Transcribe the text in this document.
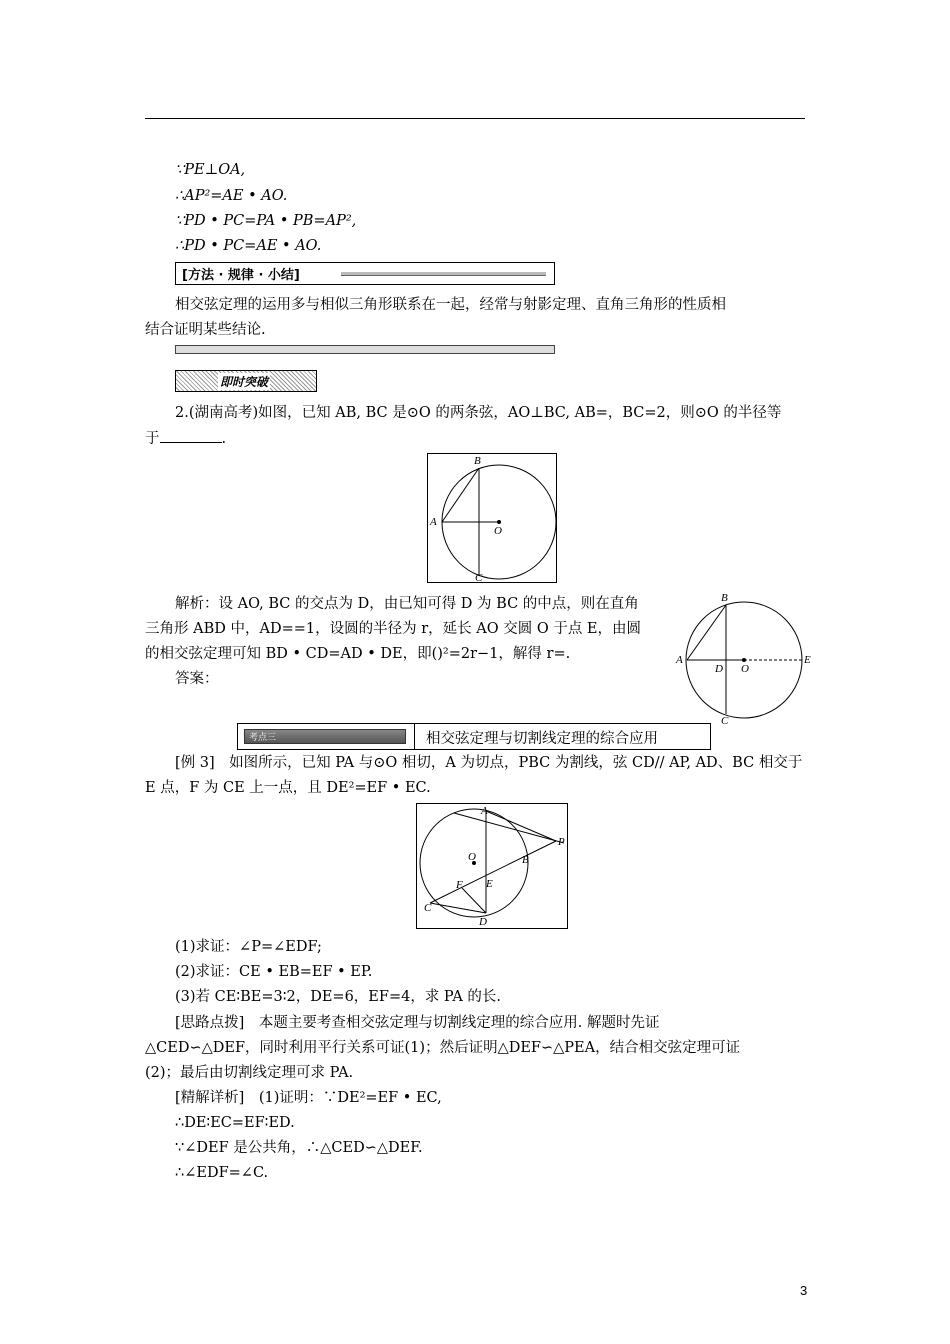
∵PE⊥OA,
∴AP²=AE • AO.
∵PD • PC=PA • PB=AP²,
∴PD • PC=AE • AO.
[方法 · 规律 · 小结]
相交弦定理的运用多与相似三角形联系在一起，经常与射影定理、直角三角形的性质相
结合证明某些结论.
即时突破
2.(湖南高考)如图，已知 AB, BC 是⊙O 的两条弦，AO⊥BC, AB=，BC=2，则⊙O 的半径等
于	.
B
A
O
C
解析：设 AO, BC 的交点为 D，由已知可得 D 为 BC 的中点，则在直角
三角形 ABD 中，AD==1，设圆的半径为 r，延长 AO 交圆 O 于点 E，由圆
的相交弦定理可知 BD • CD=AD • DE，即()²=2r−1，解得 r=.
答案：
B
A
D O
E
C
考点三	相交弦定理与切割线定理的综合应用
[例 3]　如图所示，已知 PA 与⊙O 相切，A 为切点，PBC 为割线，弦 CD// AP, AD、BC 相交于
E 点，F 为 CE 上一点，且 DE²=EF • EC.
A
P
O	B
F E
C
D
(1)求证：∠P=∠EDF;
(2)求证：CE • EB=EF • EP.
(3)若 CE∶BE=3∶2，DE=6，EF=4，求 PA 的长.
[思路点拨]　本题主要考查相交弦定理与切割线定理的综合应用. 解题时先证
△CED∽△DEF，同时利用平行关系可证(1)；然后证明△DEF∽△PEA，结合相交弦定理可证
(2)；最后由切割线定理可求 PA.
[精解详析]　(1)证明：∵DE²=EF • EC,
∴DE∶EC=EF∶ED.
∵∠DEF 是公共角，∴△CED∽△DEF.
∴∠EDF=∠C.
3
